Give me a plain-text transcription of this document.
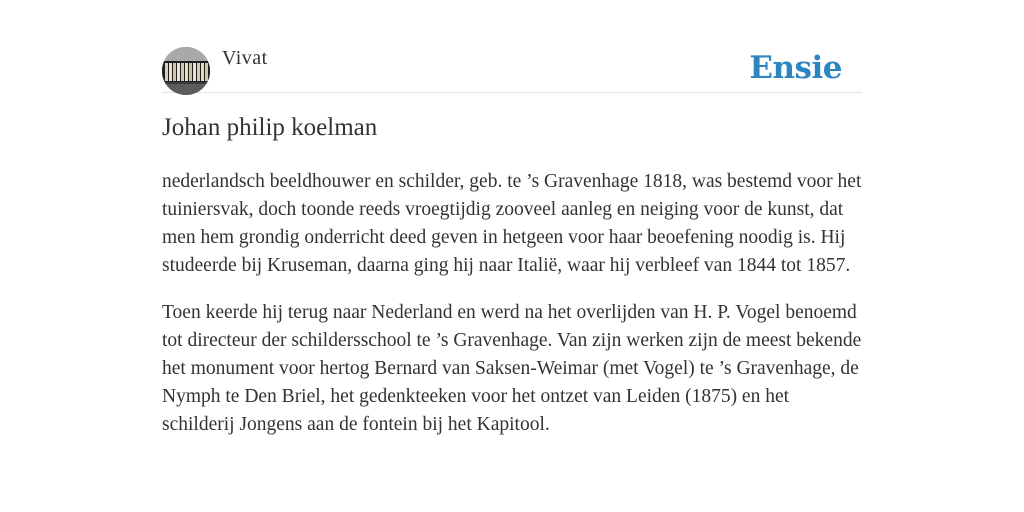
Vivat	Ensie
Johan philip koelman

nederlandsch beeldhouwer en schilder, geb. te ’s Gravenhage 1818, was bestemd voor het tuiniersvak, doch toonde reeds vroegtijdig zooveel aanleg en neiging voor de kunst, dat men hem grondig onderricht deed geven in hetgeen voor haar beoefening noodig is. Hij studeerde bij Kruseman, daarna ging hij naar Italië, waar hij verbleef van 1844 tot 1857.

Toen keerde hij terug naar Nederland en werd na het overlijden van H. P. Vogel benoemd tot directeur der schildersschool te ’s Gravenhage. Van zijn werken zijn de meest bekende het monument voor hertog Bernard van Saksen-Weimar (met Vogel) te ’s Gravenhage, de Nymph te Den Briel, het gedenkteeken voor het ontzet van Leiden (1875) en het schilderij Jongens aan de fontein bij het Kapitool.
